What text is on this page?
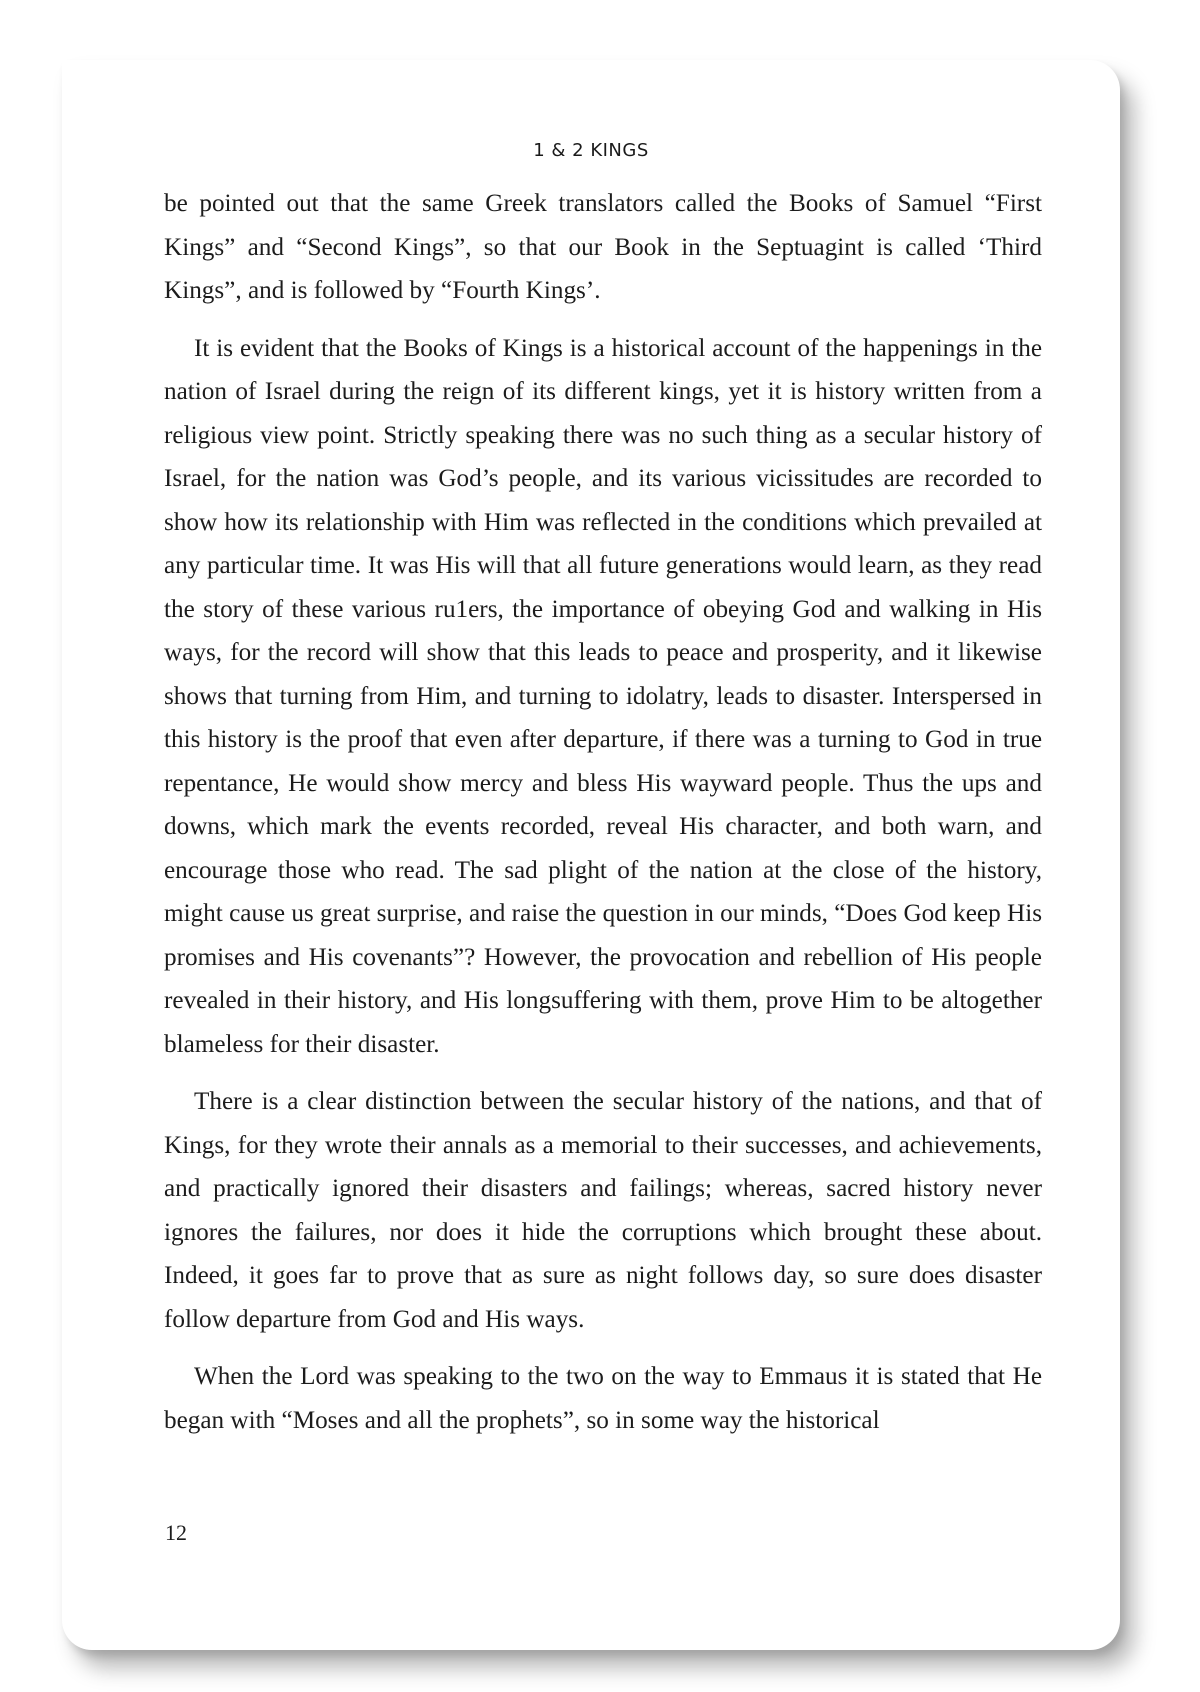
1 & 2 KINGS

be pointed out that the same Greek translators called the Books of Samuel “First Kings” and “Second Kings”, so that our Book in the Septuagint is called ‘Third Kings”, and is followed by “Fourth Kings’.

It is evident that the Books of Kings is a historical account of the happenings in the nation of Israel during the reign of its different kings, yet it is history written from a religious view point. Strictly speaking there was no such thing as a secular history of Israel, for the nation was God’s people, and its various vicissitudes are recorded to show how its relationship with Him was reflected in the conditions which prevailed at any particular time. It was His will that all future generations would learn, as they read the story of these various ru1ers, the importance of obeying God and walking in His ways, for the record will show that this leads to peace and prosperity, and it likewise shows that turning from Him, and turning to idolatry, leads to disaster. Interspersed in this history is the proof that even after departure, if there was a turning to God in true repentance, He would show mercy and bless His wayward people. Thus the ups and downs, which mark the events recorded, reveal His character, and both warn, and encourage those who read. The sad plight of the nation at the close of the history, might cause us great surprise, and raise the question in our minds, “Does God keep His promises and His covenants”? However, the provocation and rebellion of His people revealed in their history, and His longsuffering with them, prove Him to be altogether blameless for their disaster.

There is a clear distinction between the secular history of the nations, and that of Kings, for they wrote their annals as a memorial to their successes, and achievements, and practically ignored their disasters and failings; whereas, sacred history never ignores the failures, nor does it hide the corruptions which brought these about. Indeed, it goes far to prove that as sure as night follows day, so sure does disaster follow departure from God and His ways.

When the Lord was speaking to the two on the way to Emmaus it is stated that He began with “Moses and all the prophets”, so in some way the historical

12
